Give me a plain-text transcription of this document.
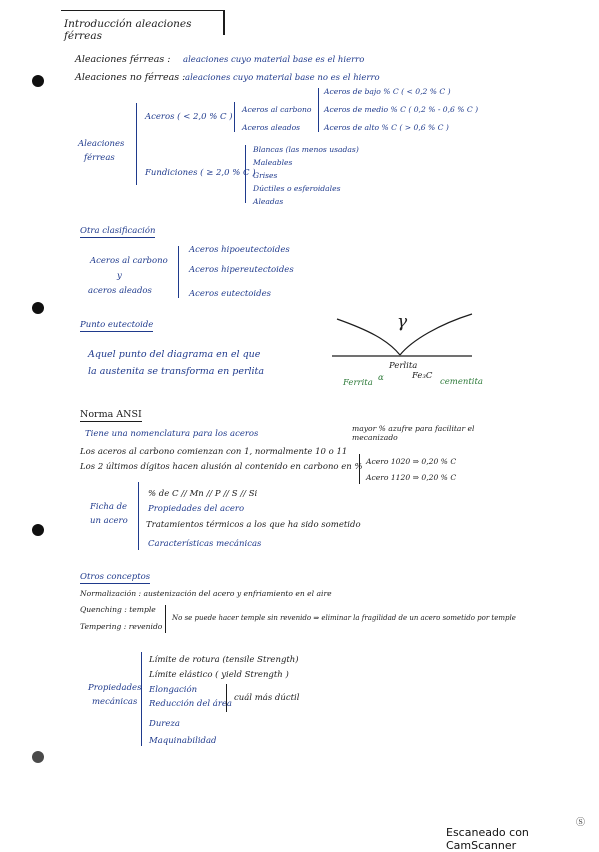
Introducción aleaciones férreas
Aleaciones férreas : aleaciones cuyo material base es el hierro
Aleaciones no férreas : aleaciones cuyo material base no es el hierro
Aleaciones
férreas
Aceros ( < 2,0 % C )
Aceros al carbono
Aceros aleados
Aceros de bajo % C ( < 0,2 % C )
Aceros de medio % C ( 0,2 % - 0,6 % C )
Aceros de alto % C ( > 0,6 % C )
Fundiciones ( ≥ 2,0 % C )
Blancas (las menos usadas)
Maleables
Grises
Dúctiles o esferoidales
Aleadas
Otra clasificación
Aceros al carbono
y
aceros aleados
Aceros hipoeutectoides
Aceros hipereutectoides
Aceros eutectoides
Punto eutectoide
Aquel punto del diagrama en el que
la austenita se transforma en perlita
γ
Perlita
Ferrita α	Fe₃C
cementita
Norma ANSI
mayor % azufre para facilitar el mecanizado
Tiene una nomenclatura para los aceros
Los aceros al carbono comienzan con 1, normalmente 10 o 11
Los 2 últimos dígitos hacen alusión al contenido en carbono en %
Acero 1020 ⇒ 0,20 % C
Acero 1120 ⇒ 0,20 % C
Ficha de
un acero
% de C // Mn // P // S // Si
Propiedades del acero
Tratamientos térmicos a los que ha sido sometido
Características mecánicas
Otros conceptos
Normalización : austenización del acero y enfriamiento en el aire
Quenching : temple
Tempering : revenido
No se puede hacer temple sin revenido ⇒ eliminar la fragilidad de un acero sometido por temple
Propiedades
mecánicas
Límite de rotura (tensile Strength)
Límite elástico ( yield Strength )
Elongación
Reducción del área
cuál más dúctil
Dureza
Maquinabilidad
Ⓢ
Escaneado con CamScanner
